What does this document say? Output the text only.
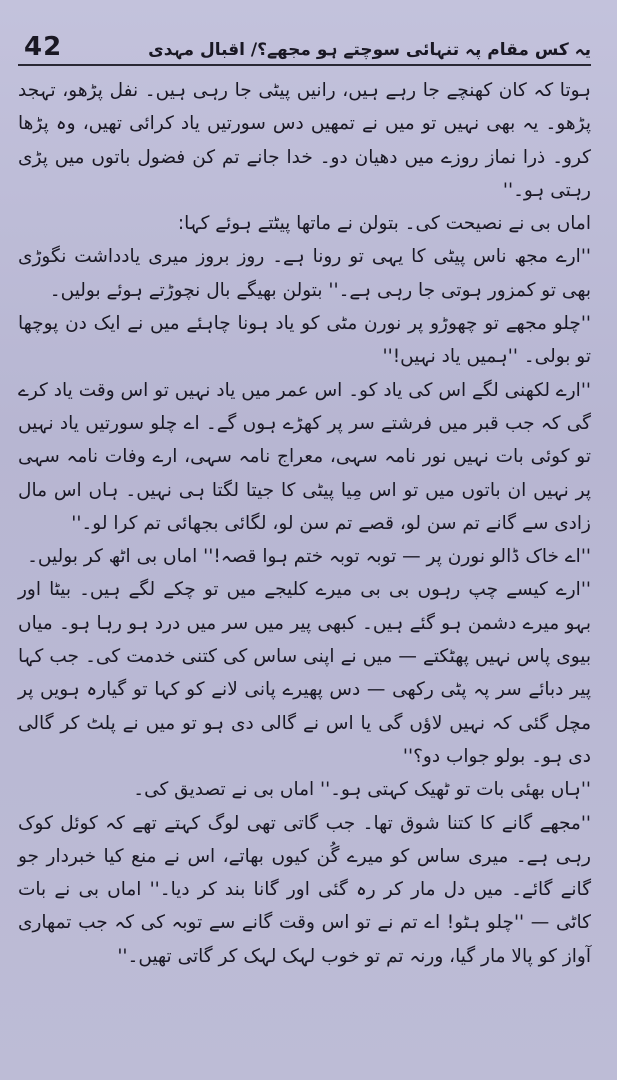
42	یہ کس مقام پہ تنہائی سوچتے ہو مجھے؟/ اقبال مہدی

ہوتا کہ کان کھنچے جا رہے ہیں، رانیں پیٹی جا رہی ہیں۔ نفل پڑھو، تہجد پڑھو۔ یہ بھی نہیں تو میں نے تمھیں دس سورتیں یاد کرائی تھیں، وہ پڑھا کرو۔ ذرا نماز روزے میں دھیان دو۔ خدا جانے تم کن فضول باتوں میں پڑی رہتی ہو۔''

اماں بی نے نصیحت کی۔ بتولن نے ماتھا پیٹتے ہوئے کہا:

''ارے مجھ ناس پیٹی کا یہی تو رونا ہے۔ روز بروز میری یادداشت نگوڑی بھی تو کمزور ہوتی جا رہی ہے۔'' بتولن بھیگے بال نچوڑتے ہوئے بولیں۔

''چلو مجھے تو چھوڑو پر نورن مٹی کو یاد ہونا چاہئے میں نے ایک دن پوچھا تو بولی۔ ''ہمیں یاد نہیں!''

''ارے لکھنی لگے اس کی یاد کو۔ اس عمر میں یاد نہیں تو اس وقت یاد کرے گی کہ جب قبر میں فرشتے سر پر کھڑے ہوں گے۔ اے چلو سورتیں یاد نہیں تو کوئی بات نہیں نور نامہ سہی، معراج نامہ سہی، ارے وفات نامہ سہی پر نہیں ان باتوں میں تو اس مِیا پیٹی کا جیتا لگتا ہی نہیں۔ ہاں اس مال زادی سے گانے تم سن لو، قصے تم سن لو، لگائی بجھائی تم کرا لو۔''

''اے خاک ڈالو نورن پر — توبہ توبہ ختم ہوا قصہ!'' اماں بی اٹھ کر بولیں۔

''ارے کیسے چپ رہوں بی بی میرے کلیجے میں تو چکے لگے ہیں۔ بیٹا اور بہو میرے دشمن ہو گئے ہیں۔ کبھی پیر میں سر میں درد ہو رہا ہو۔ میاں بیوی پاس نہیں پھٹکتے — میں نے اپنی ساس کی کتنی خدمت کی۔ جب کہا پیر دبائے سر پہ پٹی رکھی — دس پھیرے پانی لانے کو کہا تو گیارہ ہویں پر مچل گئی کہ نہیں لاؤں گی یا اس نے گالی دی ہو تو میں نے پلٹ کر گالی دی ہو۔ بولو جواب دو؟''

''ہاں بھئی بات تو ٹھیک کہتی ہو۔'' اماں بی نے تصدیق کی۔

''مجھے گانے کا کتنا شوق تھا۔ جب گاتی تھی لوگ کہتے تھے کہ کوئل کوک رہی ہے۔ میری ساس کو میرے گُن کیوں بھاتے، اس نے منع کیا خبردار جو گانے گائے۔ میں دل مار کر رہ گئی اور گانا بند کر دیا۔'' اماں بی نے بات کاٹی — ''چلو ہٹو! اے تم نے تو اس وقت گانے سے توبہ کی کہ جب تمھاری آواز کو پالا مار گیا، ورنہ تم تو خوب لہک لہک کر گاتی تھیں۔''
